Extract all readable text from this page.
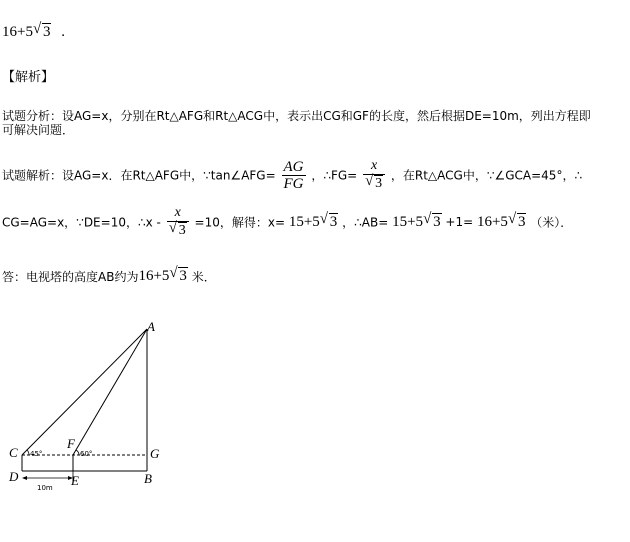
16+5 √ 3 .
【解析】
试题分析：设AG=x，分别在Rt△AFG和Rt△ACG中，表示出CG和GF的长度，然后根据DE=10m，列出方程即
可解决问题．
试题解析：设AG=x．在Rt△AFG中，∵tan∠AFG= $\frac{AG}{FG}$ ，∴FG= $\frac{x}{√ 3}$ ，在Rt△ACG中，∵∠GCA=45°，∴
CG=AG=x，∵DE=10，∴x - $\frac{x}{√ 3} =10$，解得：x= 15+5 √ 3 ，∴AB= 15+5 √ 3 +1= 16+5 √ 3 （米）．
答：电视塔的高度AB约为16+5 √ 3 米．
A
C
F
G
D	E	B
45°	60°
10m
